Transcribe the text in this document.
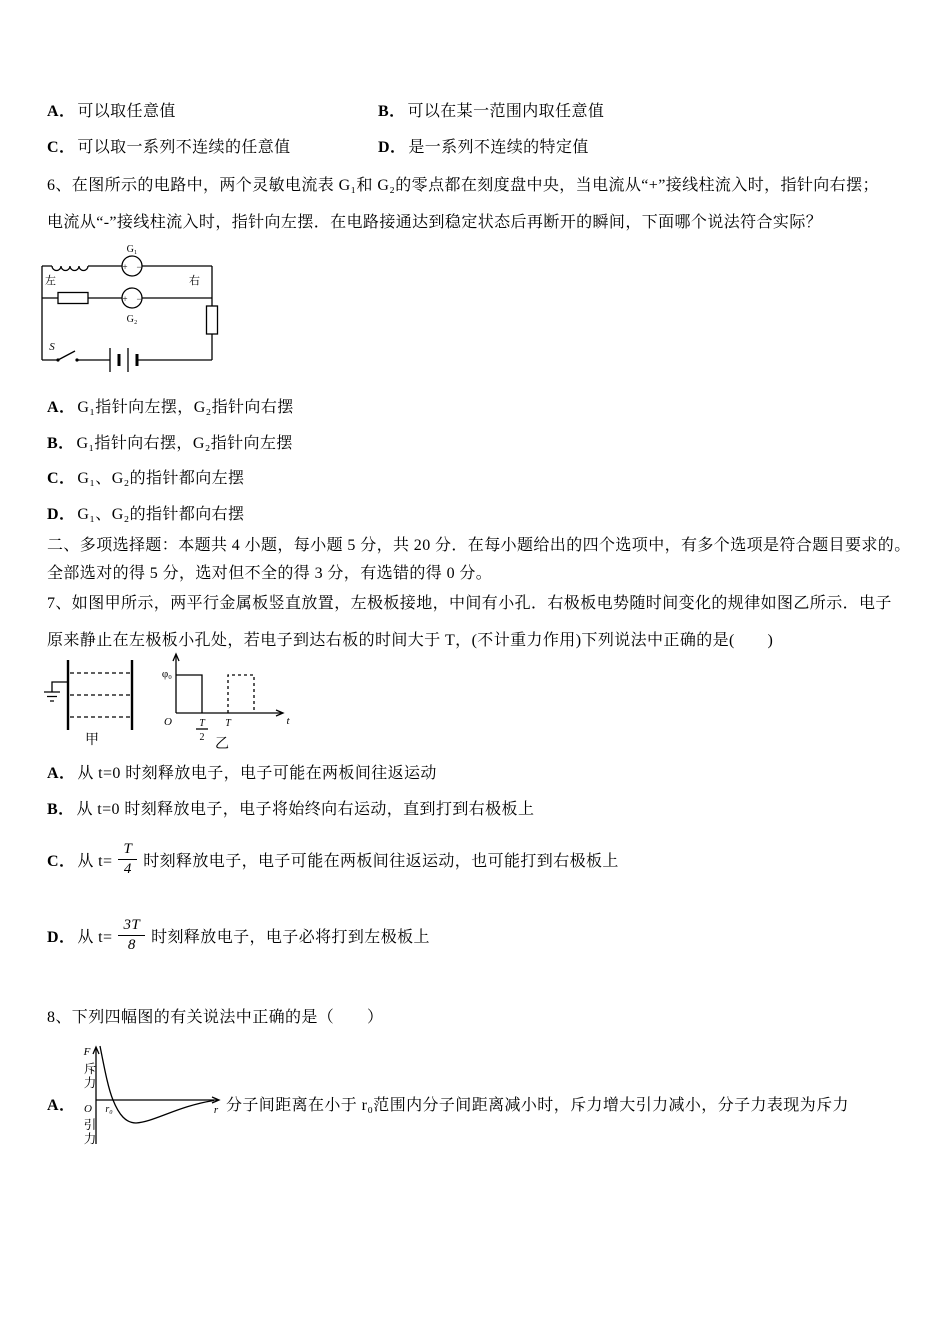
A． 可以取任意值	B． 可以在某一范围内取任意值
C． 可以取一系列不连续的任意值	D． 是一系列不连续的特定值
6、在图所示的电路中，两个灵敏电流表 G₁和 G₂的零点都在刻度盘中央，当电流从“+”接线柱流入时，指针向右摆；
电流从“-”接线柱流入时，指针向左摆．在电路接通达到稳定状态后再断开的瞬间，下面哪个说法符合实际？
G₁
+ −
+ −
G₂
左	右
S
A． G₁指针向左摆，G₂指针向右摆
B． G₁指针向右摆，G₂指针向左摆
C． G₁、G₂的指针都向左摆
D． G₁、G₂的指针都向右摆
二、多项选择题：本题共 4 小题，每小题 5 分，共 20 分．在每小题给出的四个选项中，有多个选项是符合题目要求的。
全部选对的得 5 分，选对但不全的得 3 分，有选错的得 0 分。
7、如图甲所示，两平行金属板竖直放置，左极板接地，中间有小孔．右极板电势随时间变化的规律如图乙所示．电子
原来静止在左极板小孔处，若电子到达右板的时间大于 T，(不计重力作用)下列说法中正确的是(　　)
甲
φ₀
O	T
2
T	t
乙
A． 从 t=0 时刻释放电子，电子可能在两板间往返运动
B． 从 t=0 时刻释放电子，电子将始终向右运动，直到打到右极板上
C． 从 $t= \frac{T}{4}$ 时刻释放电子，电子可能在两板间往返运动，也可能打到右极板上
D． 从 $t= \frac{3T}{8}$ 时刻释放电子，电子必将打到左极板上
8、下列四幅图的有关说法中正确的是（　　）
F
O r₀	r
斥力
引力
A．	分子间距离在小于 r₀范围内分子间距离减小时，斥力增大引力减小，分子力表现为斥力
